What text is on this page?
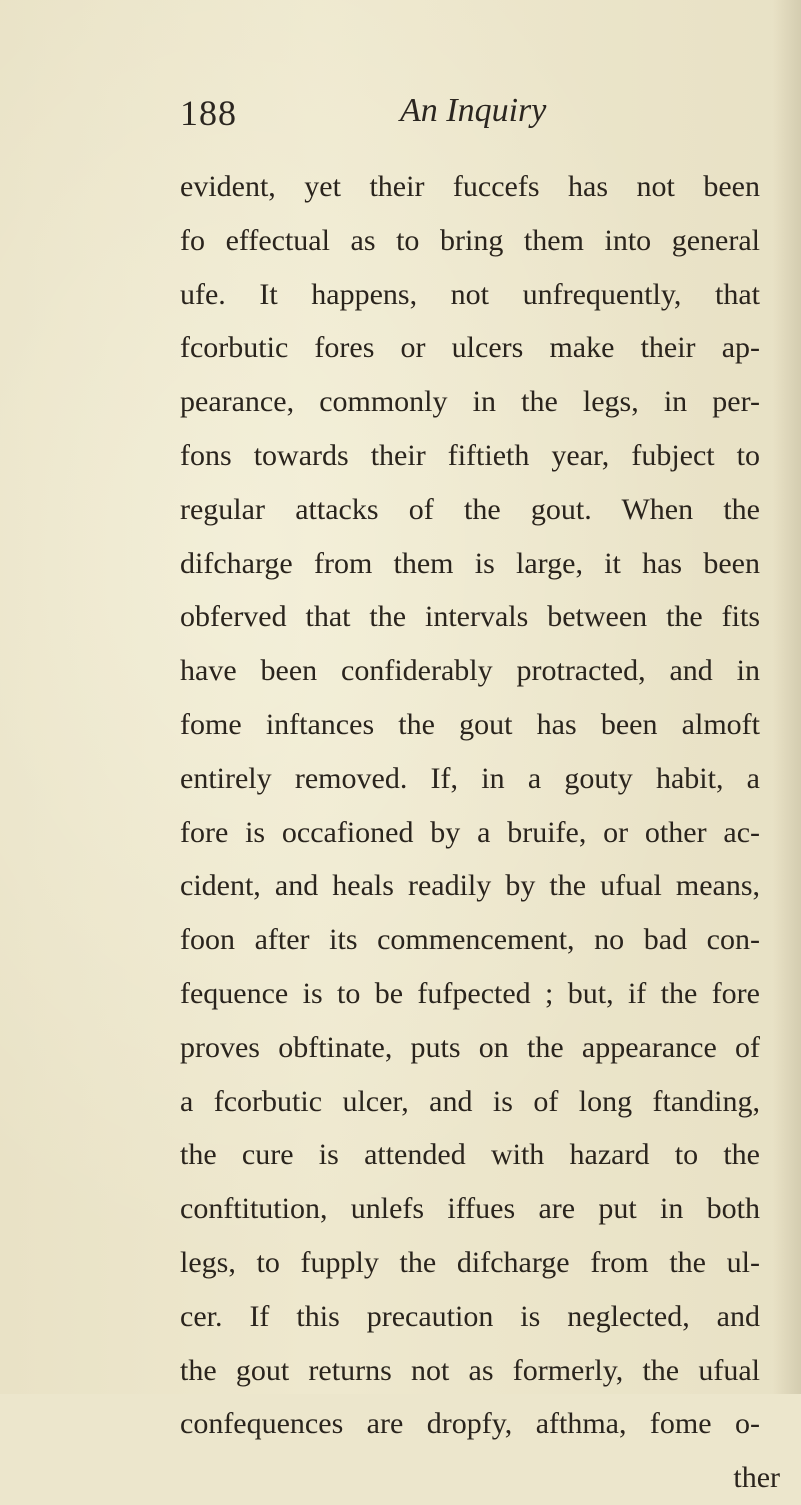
188	An Inquiry
evident, yet their fuccefs has not been
fo effectual as to bring them into general
ufe. It happens, not unfrequently, that
fcorbutic fores or ulcers make their ap-
pearance, commonly in the legs, in per-
fons towards their fiftieth year, fubject to
regular attacks of the gout. When the
difcharge from them is large, it has been
obferved that the intervals between the fits
have been confiderably protracted, and in
fome inftances the gout has been almoft
entirely removed. If, in a gouty habit, a
fore is occafioned by a bruife, or other ac-
cident, and heals readily by the ufual means,
foon after its commencement, no bad con-
fequence is to be fufpected ; but, if the fore
proves obftinate, puts on the appearance of
a fcorbutic ulcer, and is of long ftanding,
the cure is attended with hazard to the
conftitution, unlefs iffues are put in both
legs, to fupply the difcharge from the ul-
cer. If this precaution is neglected, and
the gout returns not as formerly, the ufual
confequences are dropfy, afthma, fome o-
ther
